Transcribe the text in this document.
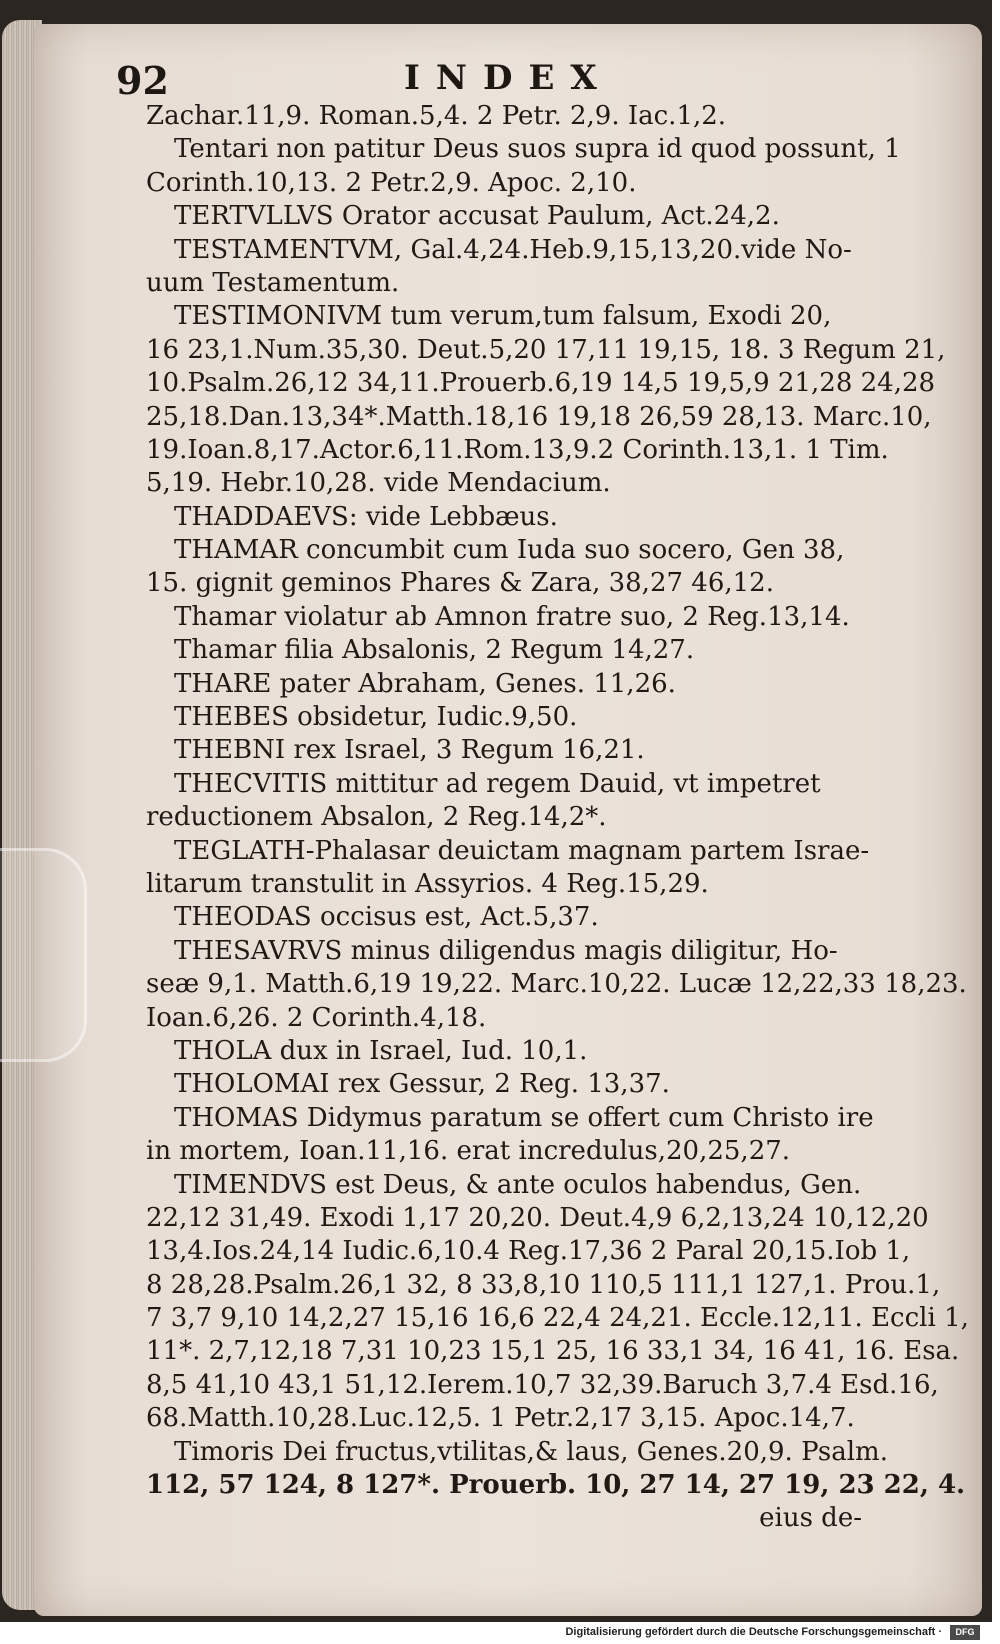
92	INDEX
Zachar.11,9. Roman.5,4. 2 Petr. 2,9. Iac.1,2.
Tentari non patitur Deus suos supra id quod possunt, 1
Corinth.10,13. 2 Petr.2,9. Apoc. 2,10.
TERTVLLVS Orator accusat Paulum, Act.24,2.
TESTAMENTVM, Gal.4,24.Heb.9,15,13,20.vide No-
uum Testamentum.
TESTIMONIVM tum verum,tum falsum, Exodi 20,
16 23,1.Num.35,30. Deut.5,20 17,11 19,15, 18. 3 Regum 21,
10.Psalm.26,12 34,11.Prouerb.6,19 14,5 19,5,9 21,28 24,28
25,18.Dan.13,34*.Matth.18,16 19,18 26,59 28,13. Marc.10,
19.Ioan.8,17.Actor.6,11.Rom.13,9.2 Corinth.13,1. 1 Tim.
5,19. Hebr.10,28. vide Mendacium.
THADDAEVS: vide Lebbæus.
THAMAR concumbit cum Iuda suo socero, Gen 38,
15. gignit geminos Phares & Zara, 38,27 46,12.
Thamar violatur ab Amnon fratre suo, 2 Reg.13,14.
Thamar filia Absalonis, 2 Regum 14,27.
THARE pater Abraham, Genes. 11,26.
THEBES obsidetur, Iudic.9,50.
THEBNI rex Israel, 3 Regum 16,21.
THECVITIS mittitur ad regem Dauid, vt impetret
reductionem Absalon, 2 Reg.14,2*.
TEGLATH-Phalasar deuictam magnam partem Israe-
litarum transtulit in Assyrios. 4 Reg.15,29.
THEODAS occisus est, Act.5,37.
THESAVRVS minus diligendus magis diligitur, Ho-
seæ 9,1. Matth.6,19 19,22. Marc.10,22. Lucæ 12,22,33 18,23.
Ioan.6,26. 2 Corinth.4,18.
THOLA dux in Israel, Iud. 10,1.
THOLOMAI rex Gessur, 2 Reg. 13,37.
THOMAS Didymus paratum se offert cum Christo ire
in mortem, Ioan.11,16. erat incredulus,20,25,27.
TIMENDVS est Deus, & ante oculos habendus, Gen.
22,12 31,49. Exodi 1,17 20,20. Deut.4,9 6,2,13,24 10,12,20
13,4.Ios.24,14 Iudic.6,10.4 Reg.17,36 2 Paral 20,15.Iob 1,
8 28,28.Psalm.26,1 32, 8 33,8,10 110,5 111,1 127,1. Prou.1,
7 3,7 9,10 14,2,27 15,16 16,6 22,4 24,21. Eccle.12,11. Eccli 1,
11*. 2,7,12,18 7,31 10,23 15,1 25, 16 33,1 34, 16 41, 16. Esa.
8,5 41,10 43,1 51,12.Ierem.10,7 32,39.Baruch 3,7.4 Esd.16,
68.Matth.10,28.Luc.12,5. 1 Petr.2,17 3,15. Apoc.14,7.
Timoris Dei fructus,vtilitas,& laus, Genes.20,9. Psalm.
112, 57 124, 8 127*. Prouerb. 10, 27 14, 27 19, 23 22, 4.
eius de-
Digitalisierung gefördert durch die Deutsche Forschungsgemeinschaft ·	DFG
